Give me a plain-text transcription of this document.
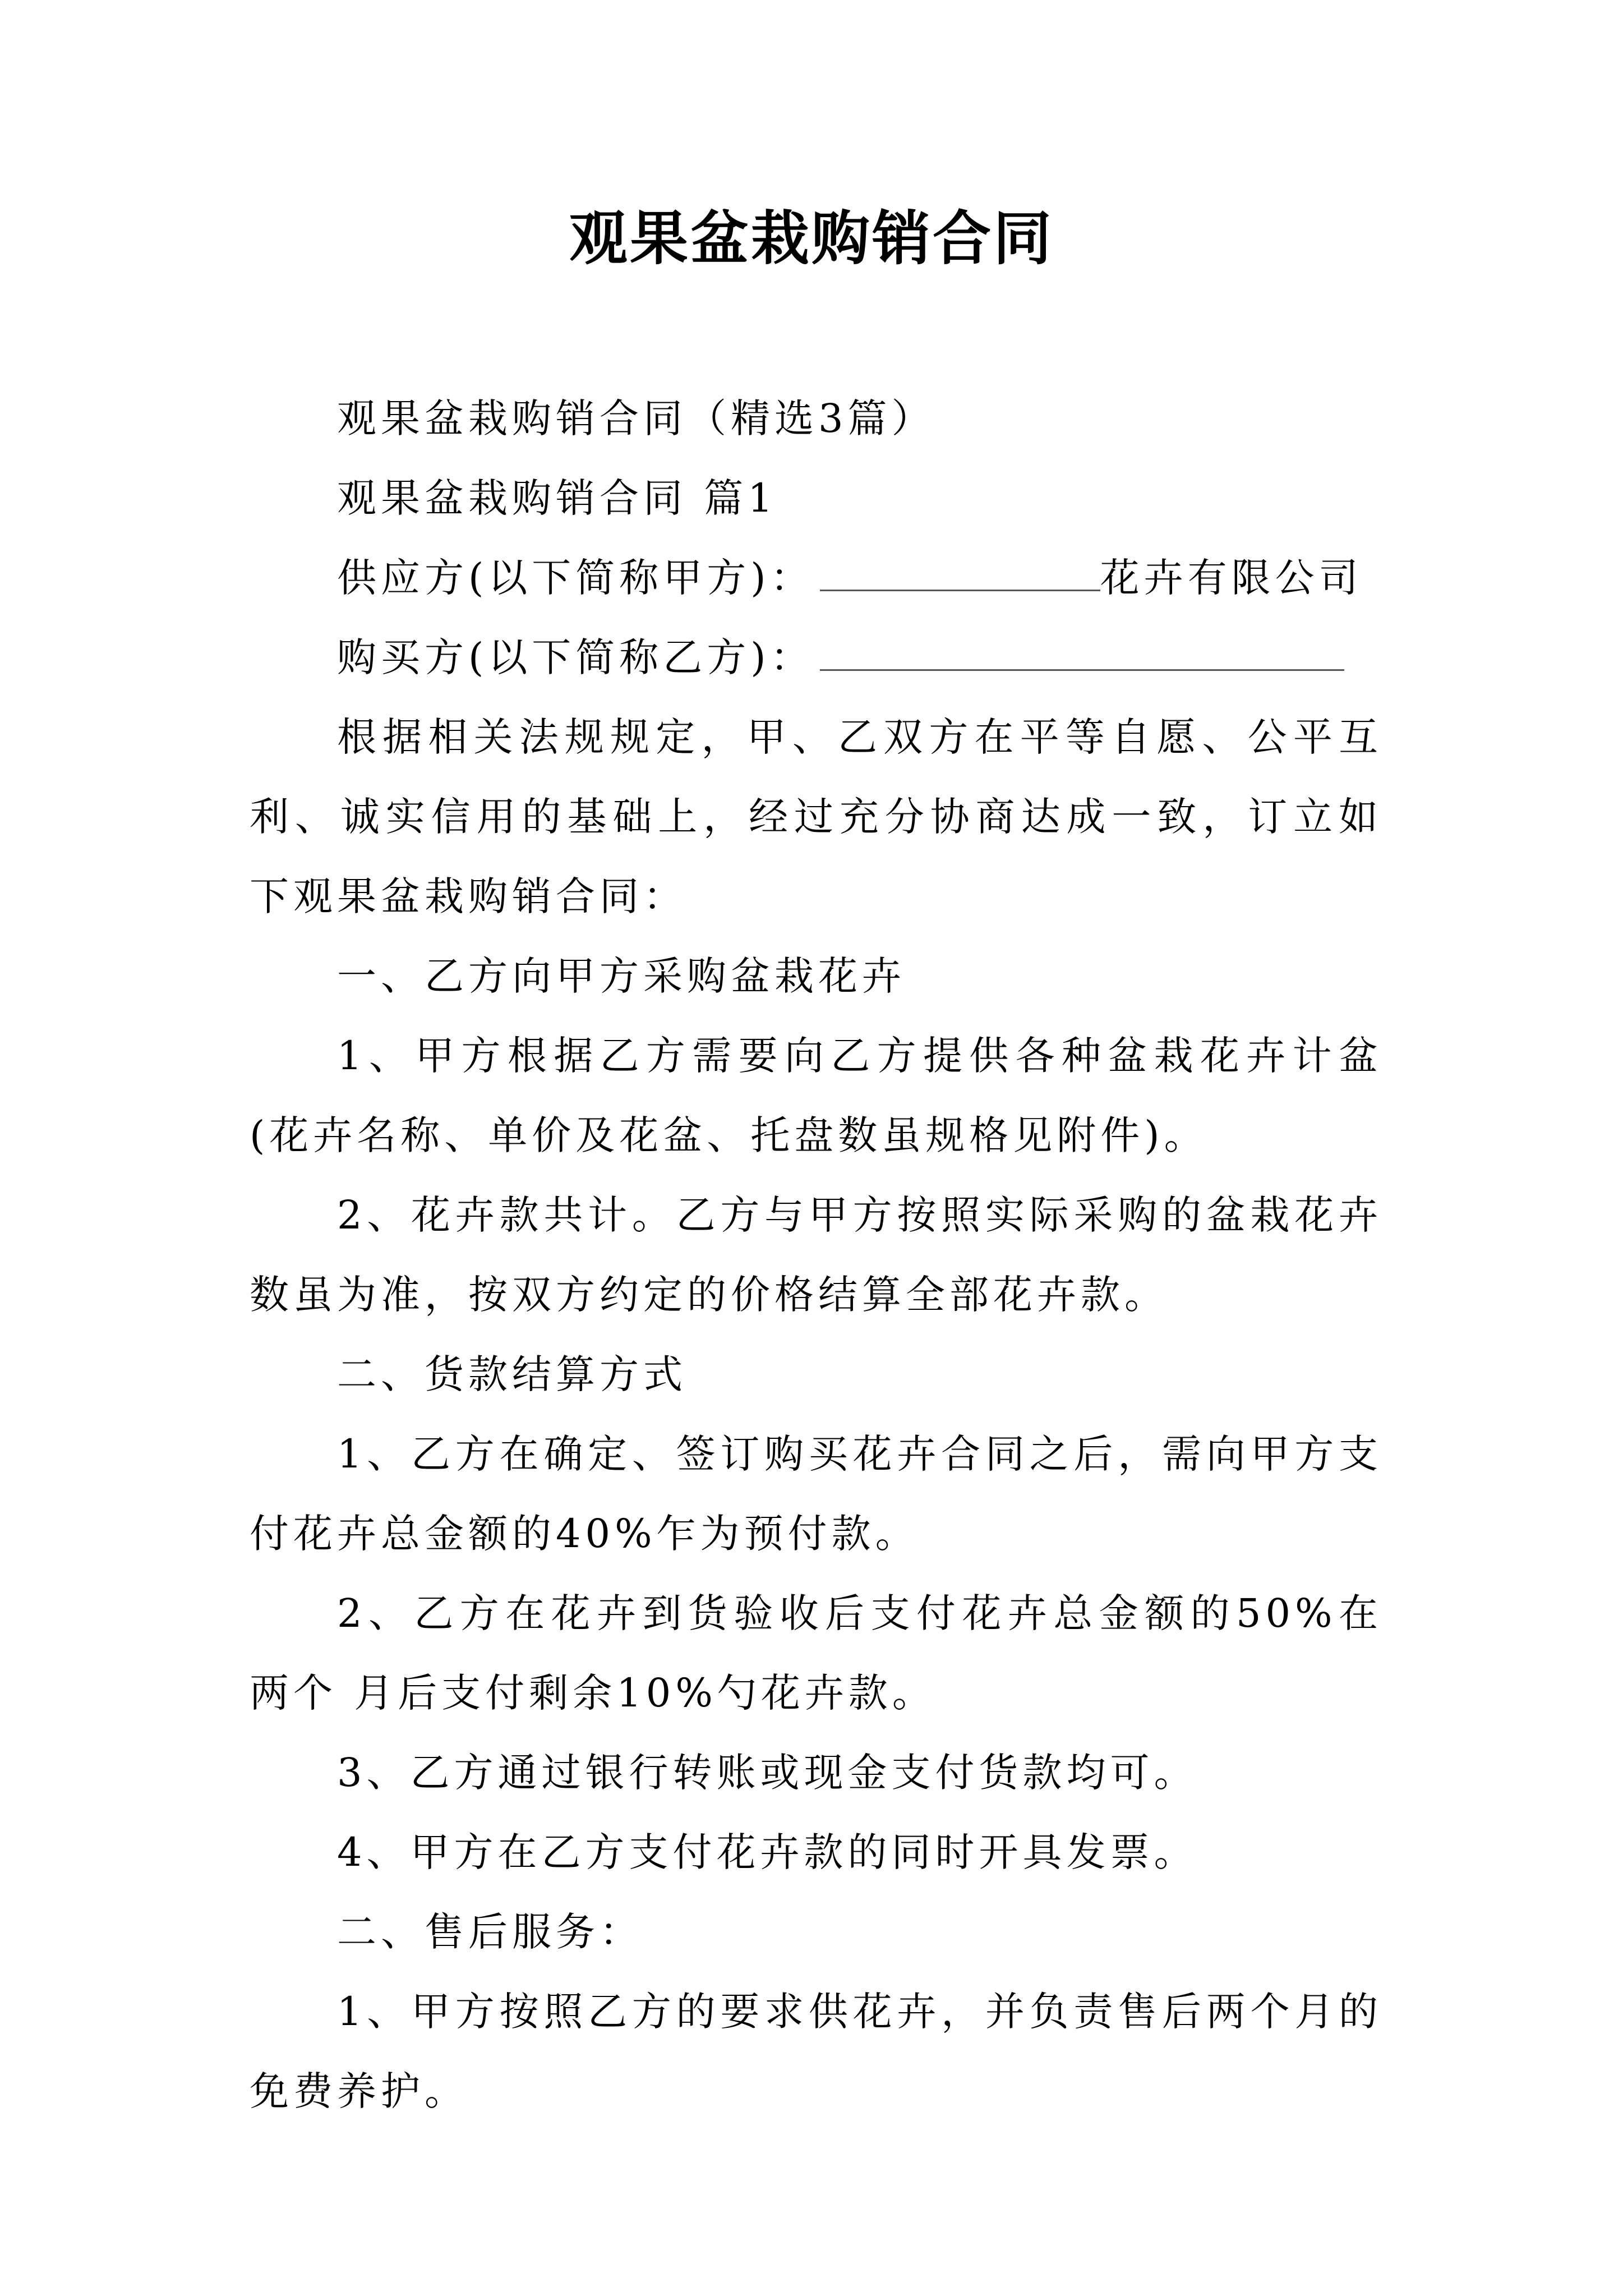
观果盆栽购销合同

观果盆栽购销合同（精选3篇）

观果盆栽购销合同 篇1

供应方(以下简称甲方)：	花卉有限公司

购买方(以下简称乙方)：

根据相关法规规定，甲、乙双方在平等自愿、公平互利、诚实信用的基础上，经过充分协商达成一致，订立如下观果盆栽购销合同：

一、乙方向甲方采购盆栽花卉

1、甲方根据乙方需要向乙方提供各种盆栽花卉计盆(花卉名称、单价及花盆、托盘数虽规格见附件)。

2、花卉款共计。乙方与甲方按照实际采购的盆栽花卉数虽为准，按双方约定的价格结算全部花卉款。

二、货款结算方式

1、乙方在确定、签订购买花卉合同之后，需向甲方支付花卉总金额的40%乍为预付款。

2、乙方在花卉到货验收后支付花卉总金额的50%在两个 月后支付剩余10%勺花卉款。

3、乙方通过银行转账或现金支付货款均可。

4、甲方在乙方支付花卉款的同时开具发票。

二、售后服务：

1、甲方按照乙方的要求供花卉，并负责售后两个月的免费养护。
